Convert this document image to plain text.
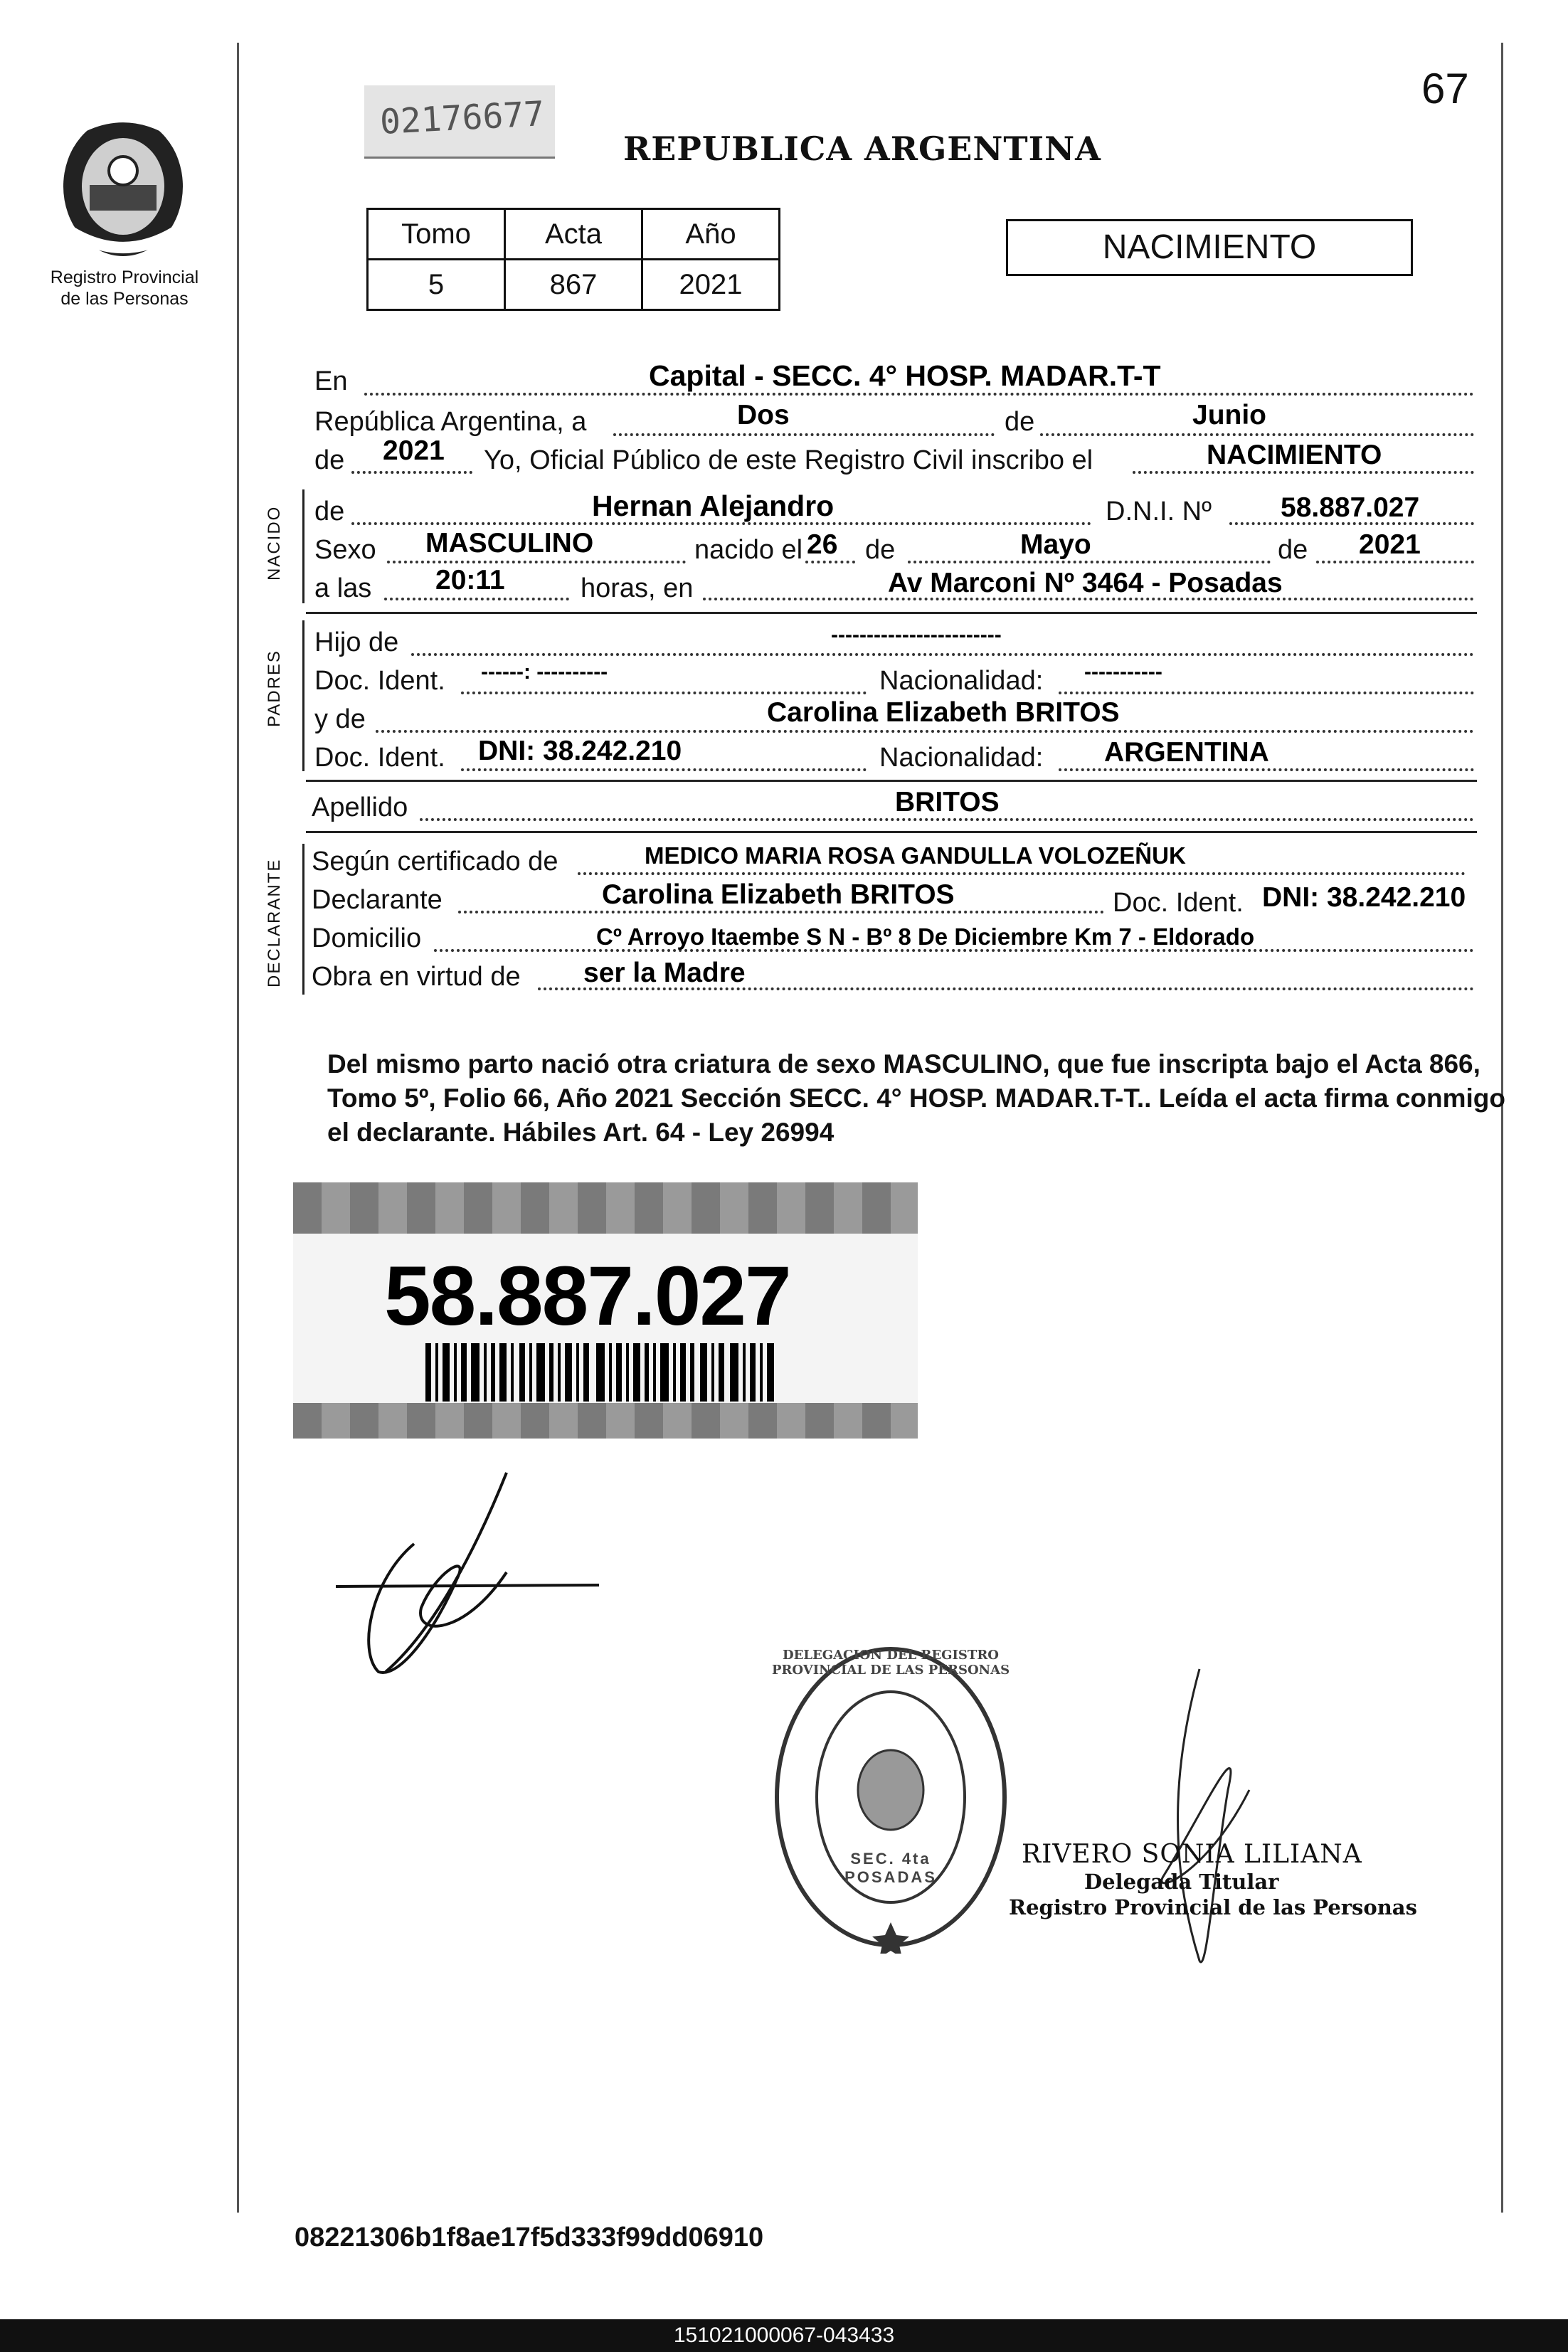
67
Registro Provincial
de las Personas
02176677
REPUBLICA ARGENTINA
Tomo	Acta	Año
5	867	2021
NACIMIENTO
En	Capital - SECC. 4° HOSP. MADAR.T-T
República Argentina, a	Dos	de	Junio
de 2021 Yo, Oficial Público de este Registro Civil inscribo el	NACIMIENTO
NACIDO de	Hernan Alejandro	D.N.I. Nº 58.887.027
Sexo MASCULINO	nacido el 26 de	Mayo	de 2021
a las 20:11	horas, en	Av Marconi Nº 3464 - Posadas
PADRES
Hijo de	------------------------
Doc. Ident. ------: ----------	Nacionalidad: -----------
y de	Carolina Elizabeth BRITOS
Doc. Ident. DNI: 38.242.210	Nacionalidad: ARGENTINA
Apellido	BRITOS
DECLARANTE Según certificado de	MEDICO MARIA ROSA GANDULLA VOLOZEÑUK
Declarante	Carolina Elizabeth BRITOS	Doc. Ident. DNI: 38.242.210
Domicilio	Cº Arroyo Itaembe S N - Bº 8 De Diciembre Km 7 - Eldorado
Obra en virtud de ser la Madre
Del mismo parto nació otra criatura de sexo MASCULINO, que fue inscripta bajo el Acta 866, Tomo 5º, Folio 66, Año 2021 Sección SECC. 4° HOSP. MADAR.T-T.. Leída el acta firma conmigo el declarante. Hábiles Art. 64 - Ley 26994
58.887.027
DELEGACION DEL REGISTRO PROVINCIAL DE LAS PERSONAS
SEC. 4ta POSADAS
RIVERO SONIA LILIANA
Delegada Titular
Registro Provincial de las Personas
08221306b1f8ae17f5d333f99dd06910
151021000067-043433
